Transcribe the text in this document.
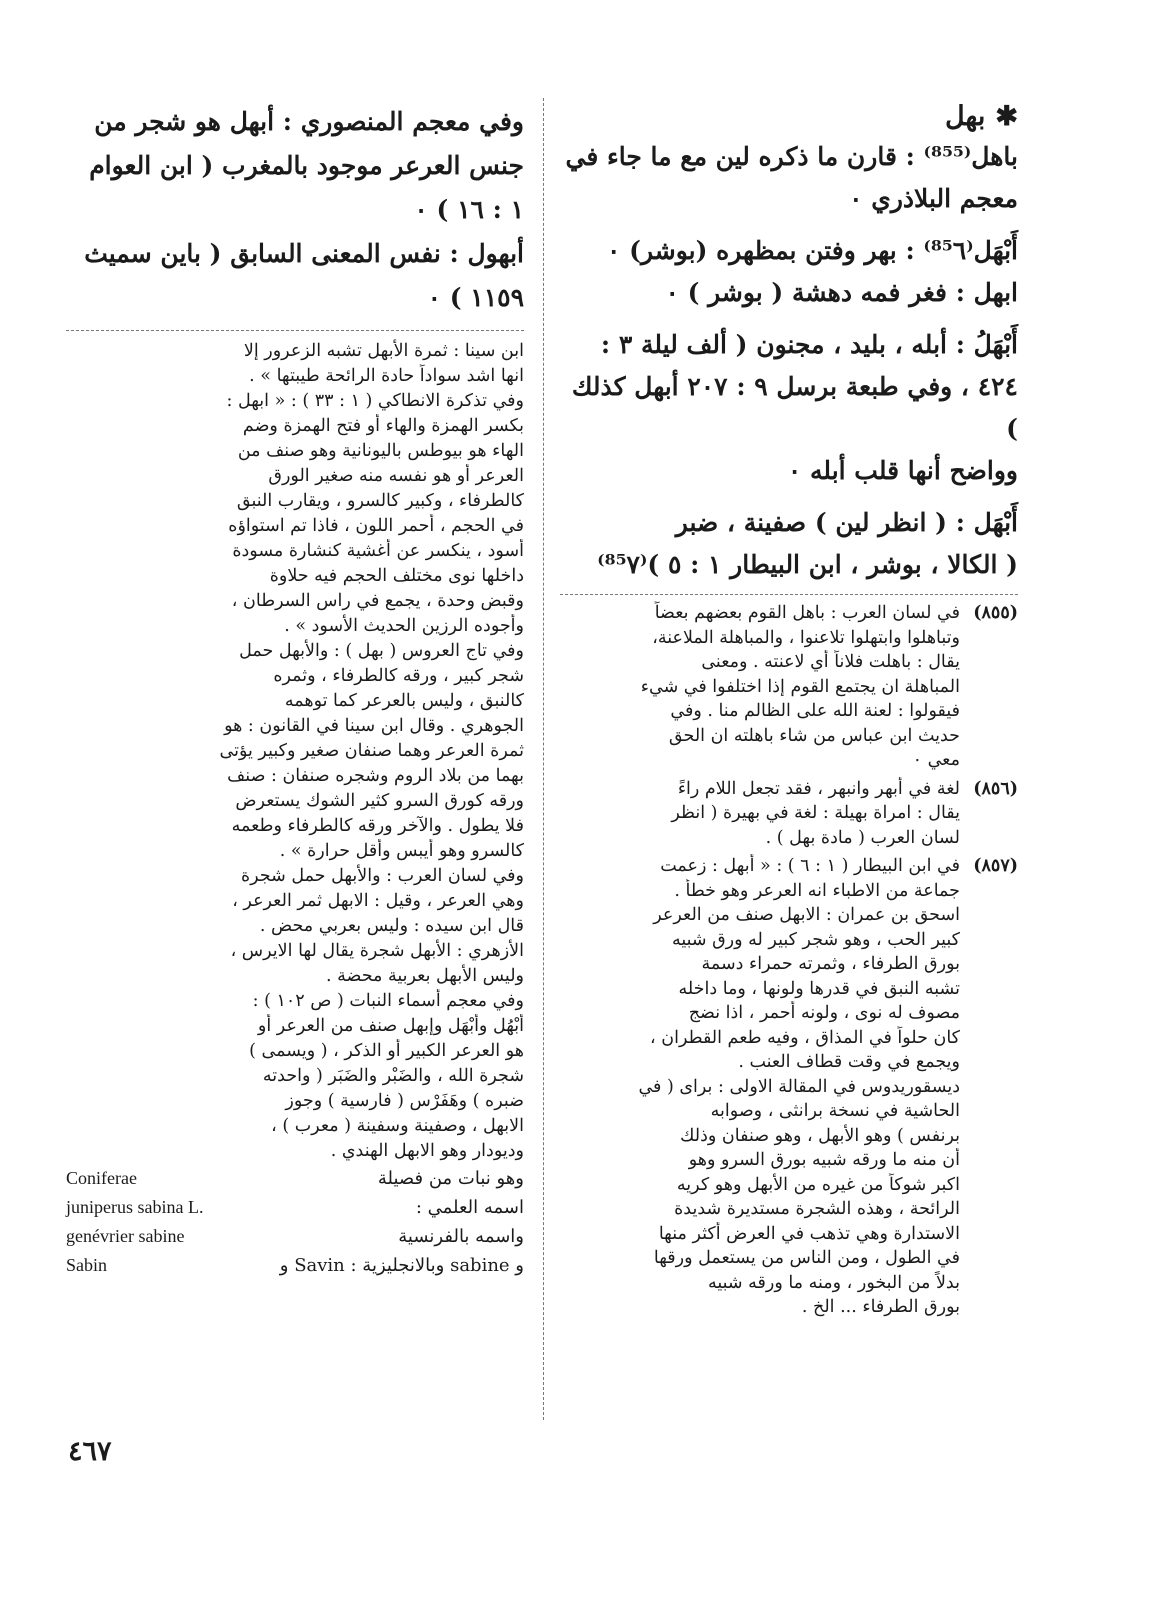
✱بهل
باهل⁽⁸⁵⁵⁾ : قارن ما ذكره لين مع ما جاء في
معجم البلاذري ٠
أَبْهَل⁽⁸⁵٦⁾ : بهر وفتن بمظهره (بوشر) ٠
ابهل : فغر فمه دهشة ( بوشر ) ٠
أَبْهَلُ : أبله ، بليد ، مجنون ( ألف ليلة ٣ :
٤٢٤ ، وفي طبعة برسل ٩ : ٢٠٧ أبهل كذلك )
وواضح أنها قلب أبله ٠
أَبْهَل : ( انظر لين ) صفينة ، ضبر
( الكالا ، بوشر ، ابن البيطار ١ : ٥ )⁽⁸⁵٧⁾
(٨٥٥)
في لسان العرب : باهل القوم بعضهم بعضاً
وتباهلوا وابتهلوا تلاعنوا ، والمباهلة الملاعنة،
يقال : باهلت فلاناً أي لاعنته . ومعنى
المباهلة ان يجتمع القوم إذا اختلفوا في شيء
فيقولوا : لعنة الله على الظالم منا . وفي
حديث ابن عباس من شاء باهلته ان الحق
معي ٠
(٨٥٦)
لغة في أبهر وانبهر ، فقد تجعل اللام راءً
يقال : امراة بهيلة : لغة في بهيرة ( انظر
لسان العرب ( مادة بهل ) .
(٨٥٧)
في ابن البيطار ( ١ : ٦ ) : « أبهل : زعمت
جماعة من الاطباء انه العرعر وهو خطأ .
اسحق بن عمران : الابهل صنف من العرعر
كبير الحب ، وهو شجر كبير له ورق شبيه
بورق الطرفاء ، وثمرته حمراء دسمة
تشبه النبق في قدرها ولونها ، وما داخله
مصوف له نوى ، ولونه أحمر ، اذا نضج
كان حلواً في المذاق ، وفيه طعم القطران ،
ويجمع في وقت قطاف العنب .
ديسقوريدوس في المقالة الاولى : براى ( في
الحاشية في نسخة برانثى ، وصوابه
برنفس ) وهو الأبهل ، وهو صنفان وذلك
أن منه ما ورقه شبيه بورق السرو وهو
اكبر شوكاً من غيره من الأبهل وهو كريه
الرائحة ، وهذه الشجرة مستديرة شديدة
الاستدارة وهي تذهب في العرض أكثر منها
في الطول ، ومن الناس من يستعمل ورقها
بدلاً من البخور ، ومنه ما ورقه شبيه
بورق الطرفاء ... الخ .
وفي معجم المنصوري : أبهل هو شجر من
جنس العرعر موجود بالمغرب ( ابن العوام
١ : ١٦ ) ٠
أبهول : نفس المعنى السابق ( باين سميث
١١٥٩ ) ٠
ابن سينا : ثمرة الأبهل تشبه الزعرور إلا
انها اشد سواداً حادة الرائحة طيبتها » .
وفي تذكرة الانطاكي ( ١ : ٣٣ ) : « ابهل :
بكسر الهمزة والهاء أو فتح الهمزة وضم
الهاء هو بيوطس باليونانية وهو صنف من
العرعر أو هو نفسه منه صغير الورق
كالطرفاء ، وكبير كالسرو ، ويقارب النبق
في الحجم ، أحمر اللون ، فاذا تم استواؤه
أسود ، ينكسر عن أغشية كنشارة مسودة
داخلها نوى مختلف الحجم فيه حلاوة
وقبض وحدة ، يجمع في راس السرطان ،
وأجوده الرزين الحديث الأسود » .
وفي تاج العروس ( بهل ) : والأبهل حمل
شجر كبير ، ورقه كالطرفاء ، وثمره
كالنبق ، وليس بالعرعر كما توهمه
الجوهري . وقال ابن سينا في القانون : هو
ثمرة العرعر وهما صنفان صغير وكبير يؤتى
بهما من بلاد الروم وشجره صنفان : صنف
ورقه كورق السرو كثير الشوك يستعرض
فلا يطول . والآخر ورقه كالطرفاء وطعمه
كالسرو وهو أيبس وأقل حرارة » .
وفي لسان العرب : والأبهل حمل شجرة
وهي العرعر ، وقيل : الابهل ثمر العرعر ،
قال ابن سيده : وليس بعربي محض .
الأزهري : الأبهل شجرة يقال لها الايرس ،
وليس الأبهل بعربية محضة .
وفي معجم أسماء النبات ( ص ١٠٢ ) :
أَبْهُل وأَبْهَل وإبهل صنف من العرعر أو
هو العرعر الكبير أو الذكر ، ( ويسمى )
شجرة الله ، والضَبْر والضَبَر ( واحدته
ضبره ) وهَفَرْس ( فارسية ) وجوز
الابهل ، وصفينة وسفينة ( معرب ) ،
وديودار وهو الابهل الهندي .
وهو نبات من فصيلة
Coniferae
اسمه العلمي :
juniperus sabina L.
واسمه بالفرنسية
genévrier sabine
و sabine وبالانجليزية : Savin و
Sabin
٤٦٧
